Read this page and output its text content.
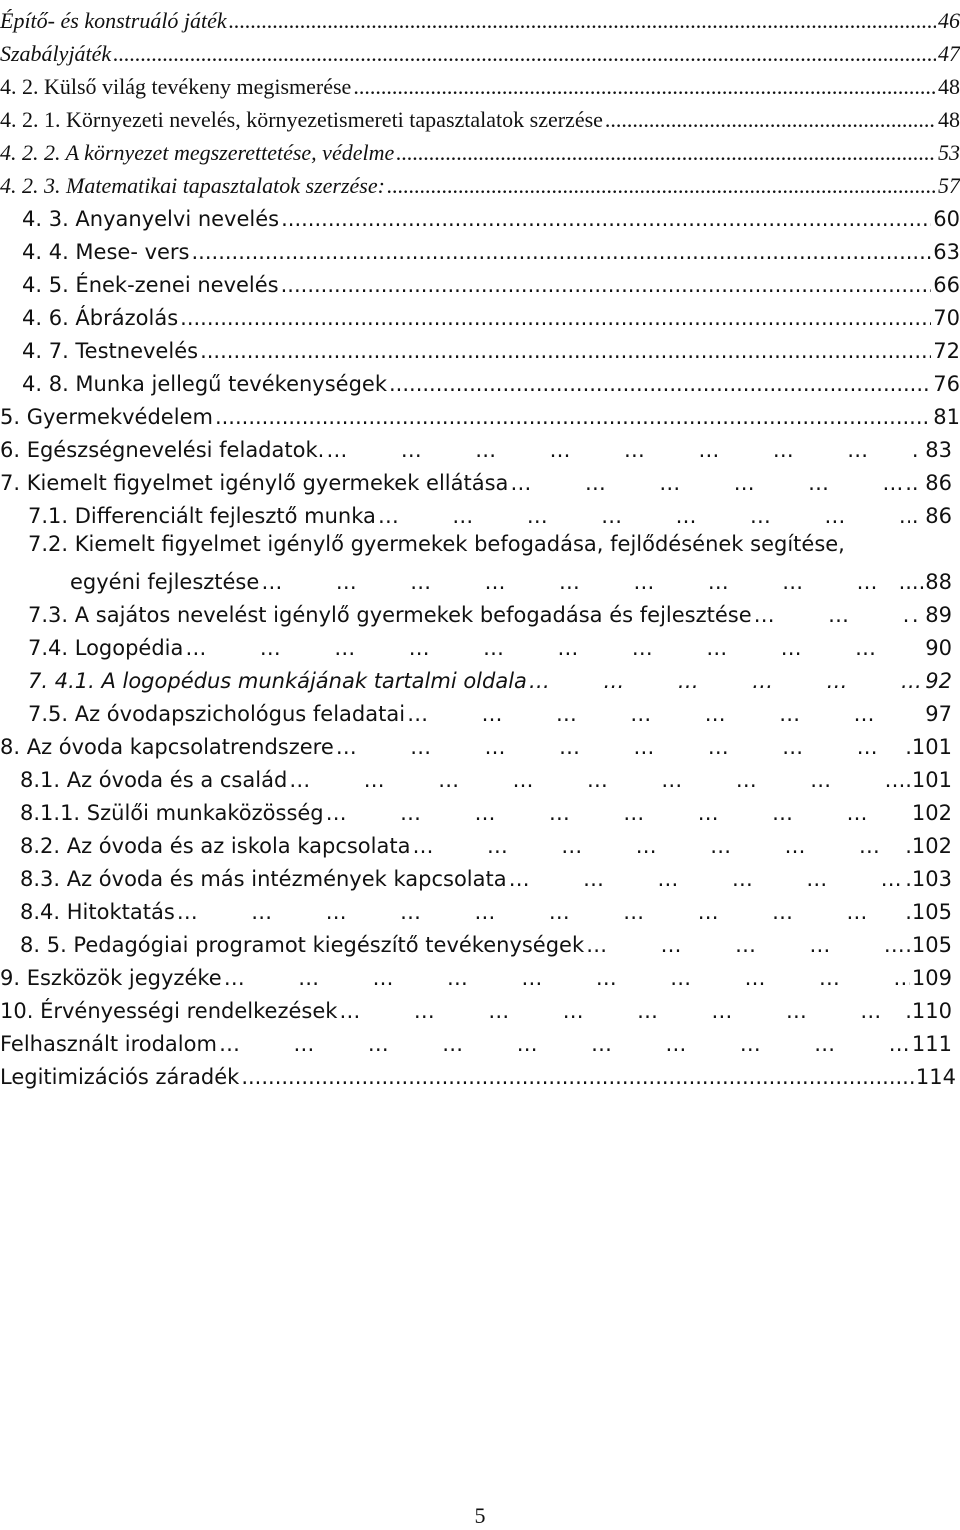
Építő- és konstruáló játék .....	46
Szabályjáték .....	47
4. 2. Külső világ tevékeny megismerése .....	48
4. 2. 1. Környezeti nevelés, környezetismereti tapasztalatok szerzése .....	48
4. 2. 2. A környezet megszerettetése, védelme .....	53
4. 2. 3. Matematikai tapasztalatok szerzése: .....	57
4. 3. Anyanyelvi nevelés .....	60
4. 4. Mese- vers .....	63
4. 5. Ének-zenei nevelés .....	66
4. 6. Ábrázolás .....	70
4. 7. Testnevelés .....	72
4. 8. Munka jellegű tevékenységek .....	76
5. Gyermekvédelem .....	81
6. Egészségnevelési feladatok. … … … … … … … … … … … … … … … … … … … … … … … … … … … …	. 83
7. Kiemelt figyelmet igénylő gyermekek ellátása … … … … … … … … … … … … … … … … … … … … … … … … … … … …	.. 86
7.1. Differenciált fejlesztő munka … … … … … … … … … … … … … … … … … … … … … … … … … … … …	. 86
7.2. Kiemelt figyelmet igénylő gyermekek befogadása, fejlődésének segítése,
egyéni fejlesztése … … … … … … … … … … … … … … … … … … … … … … … … … … … …	....88
7.3. A sajátos nevelést igénylő gyermekek befogadása és fejlesztése … … … … … … … … … … … … … … … … … … … … … … … … … … … …	. 89
7.4. Logopédia … … … … … … … … … … … … … … … … … … … … … … … … … … … …	90
7. 4.1. A logopédus munkájának tartalmi oldala … … … … … … … … … … … … … … … … … … … … … … … … … … … …	92
7.5. Az óvodapszichológus feladatai … … … … … … … … … … … … … … … … … … … … … … … … … … … …	97
8. Az óvoda kapcsolatrendszere … … … … … … … … … … … … … … … … … … … … … … … … … … … …	.101
8.1. Az óvoda és a család … … … … … … … … … … … … … … … … … … … … … … … … … … … …	..101
8.1.1. Szülői munkaközösség … … … … … … … … … … … … … … … … … … … … … … … … … … … …	102
8.2. Az óvoda és az iskola kapcsolata … … … … … … … … … … … … … … … … … … … … … … … … … … … …	.102
8.3. Az óvoda és más intézmények kapcsolata … … … … … … … … … … … … … … … … … … … … … … … … … … … …	.103
8.4. Hitoktatás … … … … … … … … … … … … … … … … … … … … … … … … … … … …	.105
8. 5. Pedagógiai programot kiegészítő tevékenységek … … … … … … … … … … … … … … … … … … … … … … … … … … … …	.105
9. Eszközök jegyzéke … … … … … … … … … … … … … … … … … … … … … … … … … … … …	109
10. Érvényességi rendelkezések … … … … … … … … … … … … … … … … … … … … … … … … … … … …	.110
Felhasznált irodalom … … … … … … … … … … … … … … … … … … … … … … … … … … … …	111
Legitimizációs záradék .....	114
5
